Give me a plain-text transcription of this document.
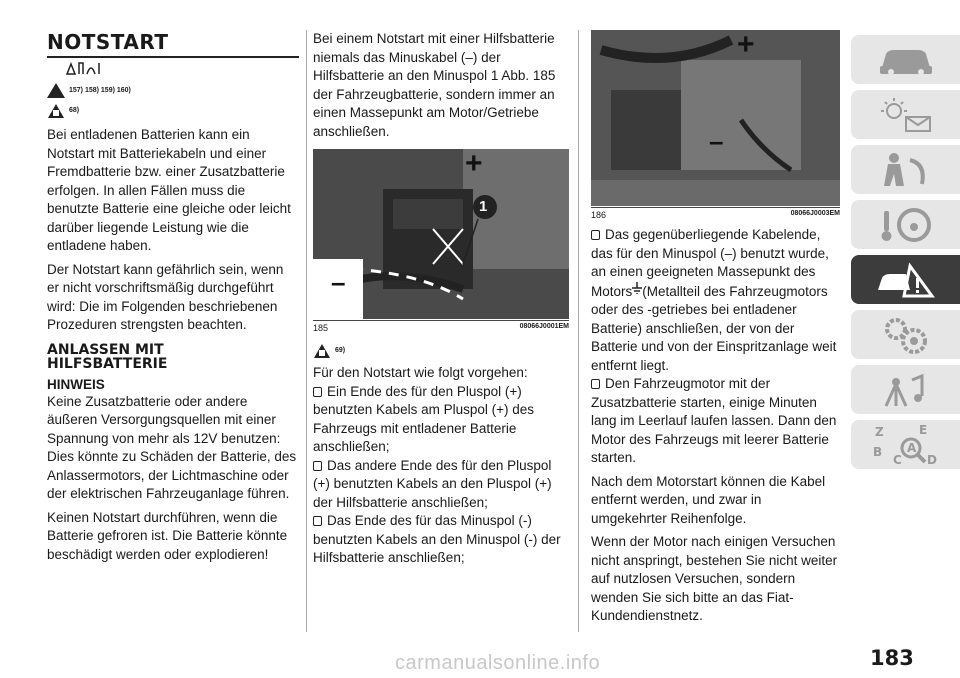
NOTSTART
157) 158) 159) 160)
68)

Bei entladenen Batterien kann ein Notstart mit Batteriekabeln und einer Fremdbatterie bzw. einer Zusatzbatterie erfolgen. In allen Fällen muss die benutzte Batterie eine gleiche oder leicht darüber liegende Leistung wie die entladene haben.

Der Notstart kann gefährlich sein, wenn er nicht vorschriftsmäßig durchgeführt wird: Die im Folgenden beschriebenen Prozeduren strengsten beachten.

ANLASSEN MIT
HILFSBATTERIE
HINWEIS

Keine Zusatzbatterie oder andere äußeren Versorgungsquellen mit einer Spannung von mehr als 12V benutzen: Dies könnte zu Schäden der Batterie, des Anlassermotors, der Lichtmaschine oder der elektrischen Fahrzeuganlage führen.

Keinen Notstart durchführen, wenn die Batterie gefroren ist. Die Batterie könnte beschädigt werden oder explodieren!

Bei einem Notstart mit einer Hilfsbatterie niemals das Minuskabel (–) der Hilfsbatterie an den Minuspol 1 Abb. 185 der Fahrzeugbatterie, sondern immer an einen Massepunkt am Motor/Getriebe anschließen.

+
–
1
185	08066J0001EM
69)

Für den Notstart wie folgt vorgehen:

Ein Ende des für den Pluspol (+) benutzten Kabels am Pluspol (+) des Fahrzeugs mit entladener Batterie anschließen;

Das andere Ende des für den Pluspol (+) benutzten Kabels an den Pluspol (+) der Hilfsbatterie anschließen;

Das Ende des für das Minuspol (-) benutzten Kabels an den Minuspol (-) der Hilfsbatterie anschließen;

+
–
186	08066J0003EM

Das gegenüberliegende Kabelende, das für den Minuspol (–) benutzt wurde, an einen geeigneten Massepunkt des Motors (Metallteil des Fahrzeugmotors oder des -getriebes bei entladener Batterie) anschließen, der von der Batterie und von der Einspritzanlage weit entfernt liegt.

Den Fahrzeugmotor mit der Zusatzbatterie starten, einige Minuten lang im Leerlauf laufen lassen. Dann den Motor des Fahrzeugs mit leerer Batterie starten.

Nach dem Motorstart können die Kabel entfernt werden, und zwar in umgekehrter Reihenfolge.

Wenn der Motor nach einigen Versuchen nicht anspringt, bestehen Sie nicht weiter auf nutzlosen Versuchen, sondern wenden Sie sich bitte an das Fiat-Kundendienstnetz.

Z	E
B A
C D
183
carmanualsonline.info
